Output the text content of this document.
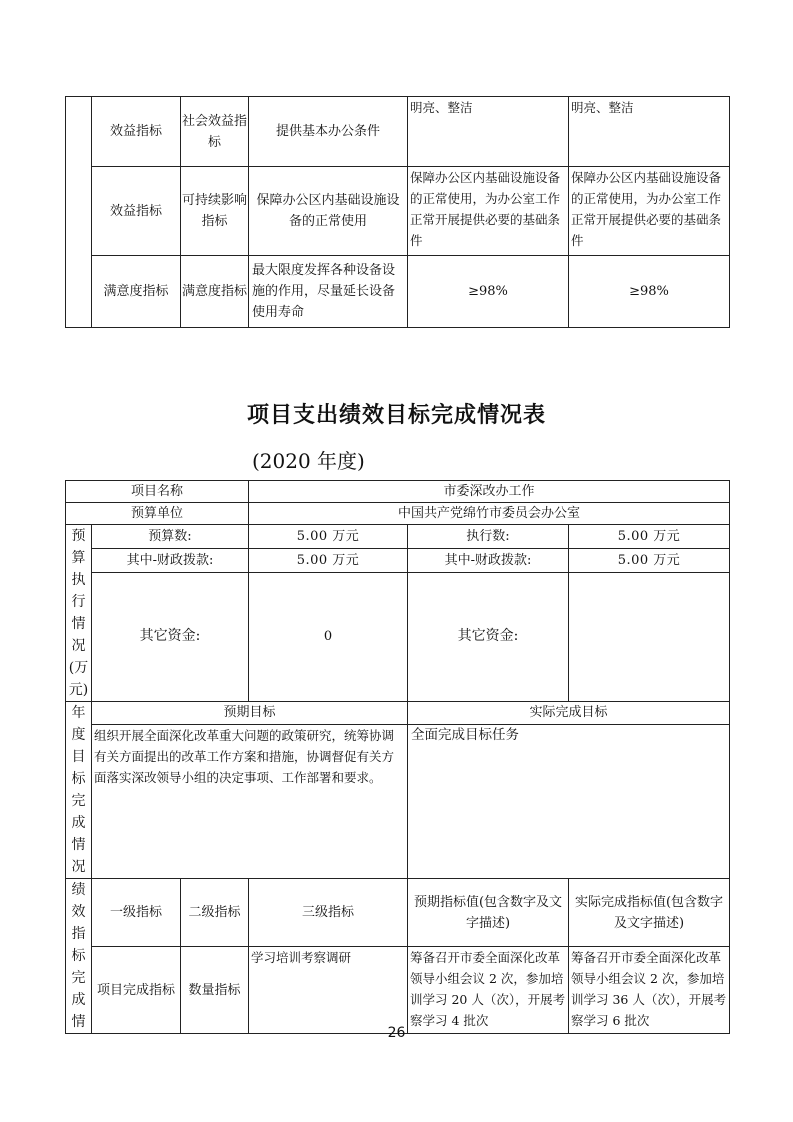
	效益指标	社会效益指标	提供基本办公条件	明亮、整洁	明亮、整洁
	效益指标	可持续影响指标	保障办公区内基础设施设备的正常使用	保障办公区内基础设施设备的正常使用，为办公室工作正常开展提供必要的基础条件	保障办公区内基础设施设备的正常使用，为办公室工作正常开展提供必要的基础条件
	满意度指标	满意度指标	最大限度发挥各种设备设施的作用，尽量延长设备使用寿命	≥98%	≥98%
项目支出绩效目标完成情况表
(2020 年度)
项目名称			市委深改办工作		
预算单位			中国共产党绵竹市委员会办公室		
预算执行情况(万元)	预算数:		5.00 万元	执行数:	5.00 万元
	其中-财政拨款:		5.00 万元	其中-财政拨款:	5.00 万元
	其它资金:		0	其它资金:	
年度目标完成情况	预期目标			实际完成目标	
	组织开展全面深化改革重大问题的政策研究，统筹协调有关方面提出的改革工作方案和措施，协调督促有关方面落实深改领导小组的决定事项、工作部署和要求。			全面完成目标任务	
绩效指标完成情	一级指标	二级指标	三级指标	预期指标值(包含数字及文字描述)	实际完成指标值(包含数字及文字描述)
	项目完成指标	数量指标	学习培训考察调研	筹备召开市委全面深化改革领导小组会议 2 次，参加培训学习 20 人（次），开展考察学习 4 批次	筹备召开市委全面深化改革领导小组会议 2 次，参加培训学习 36 人（次），开展考察学习 6 批次
26
